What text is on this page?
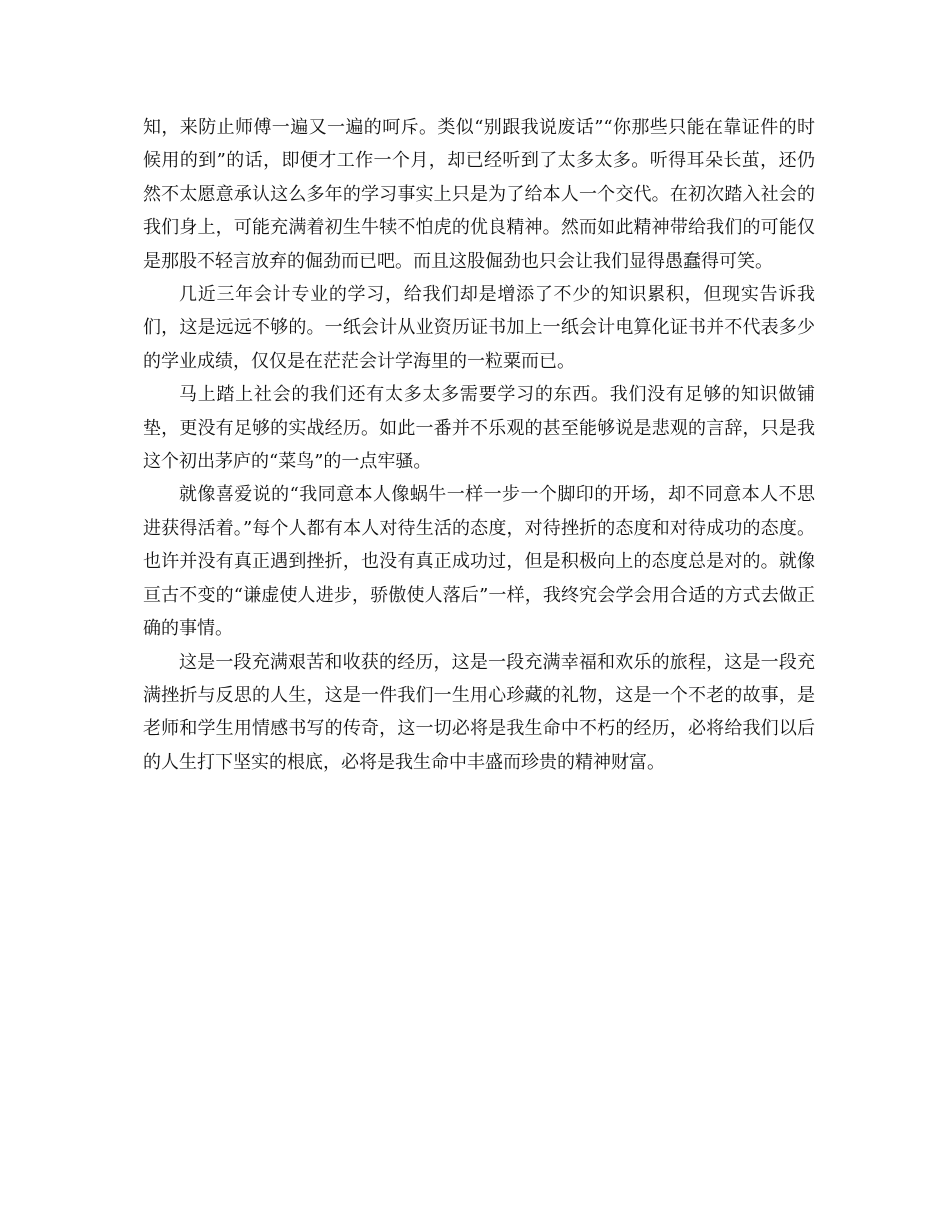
知，来防止师傅一遍又一遍的呵斥。类似“别跟我说废话”“你那些只能在靠证件的时候用的到”的话，即便才工作一个月，却已经听到了太多太多。听得耳朵长茧，还仍然不太愿意承认这么多年的学习事实上只是为了给本人一个交代。在初次踏入社会的我们身上，可能充满着初生牛犊不怕虎的优良精神。然而如此精神带给我们的可能仅是那股不轻言放弃的倔劲而已吧。而且这股倔劲也只会让我们显得愚蠢得可笑。

几近三年会计专业的学习，给我们却是增添了不少的知识累积，但现实告诉我们，这是远远不够的。一纸会计从业资历证书加上一纸会计电算化证书并不代表多少的学业成绩，仅仅是在茫茫会计学海里的一粒粟而已。

马上踏上社会的我们还有太多太多需要学习的东西。我们没有足够的知识做铺垫，更没有足够的实战经历。如此一番并不乐观的甚至能够说是悲观的言辞，只是我这个初出茅庐的“菜鸟”的一点牢骚。

就像喜爱说的“我同意本人像蜗牛一样一步一个脚印的开场，却不同意本人不思进获得活着。”每个人都有本人对待生活的态度，对待挫折的态度和对待成功的态度。也许并没有真正遇到挫折，也没有真正成功过，但是积极向上的态度总是对的。就像亘古不变的“谦虚使人进步，骄傲使人落后”一样，我终究会学会用合适的方式去做正确的事情。

这是一段充满艰苦和收获的经历，这是一段充满幸福和欢乐的旅程，这是一段充满挫折与反思的人生，这是一件我们一生用心珍藏的礼物，这是一个不老的故事，是老师和学生用情感书写的传奇，这一切必将是我生命中不朽的经历，必将给我们以后的人生打下坚实的根底，必将是我生命中丰盛而珍贵的精神财富。
